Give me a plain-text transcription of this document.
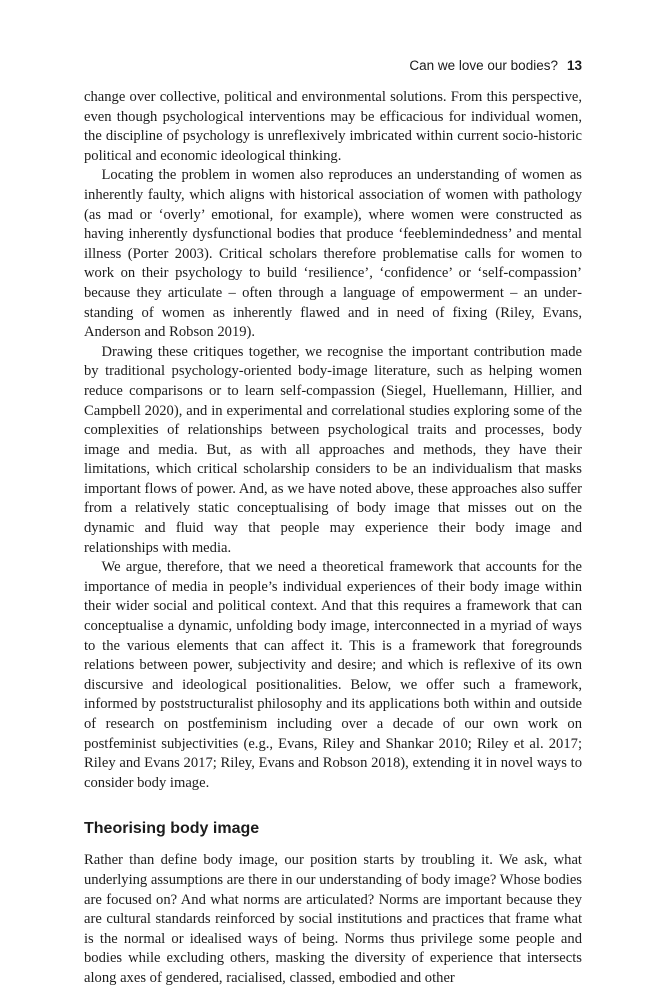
Can we love our bodies? 13

change over collective, political and environmental solutions. From this perspective, even though psychological interventions may be efficacious for individual women, the discipline of psychology is unreflexively imbricated within current socio-historic political and economic ideological thinking.

Locating the problem in women also reproduces an understanding of women as inherently faulty, which aligns with historical association of women with pathology (as mad or ‘overly’ emotional, for example), where women were constructed as having inherently dysfunctional bodies that produce ‘feeblemindedness’ and mental illness (Porter 2003). Critical scholars therefore problematise calls for women to work on their psychology to build ‘resilience’, ‘confidence’ or ‘self-compassion’ because they articulate – often through a language of empowerment – an understanding of women as inherently flawed and in need of fixing (Riley, Evans, Anderson and Robson 2019).

Drawing these critiques together, we recognise the important contribution made by traditional psychology-oriented body-image literature, such as helping women reduce comparisons or to learn self-compassion (Siegel, Huellemann, Hillier, and Campbell 2020), and in experimental and correlational studies exploring some of the complexities of relationships between psychological traits and processes, body image and media. But, as with all approaches and methods, they have their limitations, which critical scholarship considers to be an individualism that masks important flows of power. And, as we have noted above, these approaches also suffer from a relatively static conceptualising of body image that misses out on the dynamic and fluid way that people may experience their body image and relationships with media.

We argue, therefore, that we need a theoretical framework that accounts for the importance of media in people’s individual experiences of their body image within their wider social and political context. And that this requires a framework that can conceptualise a dynamic, unfolding body image, interconnected in a myriad of ways to the various elements that can affect it. This is a framework that foregrounds relations between power, subjectivity and desire; and which is reflexive of its own discursive and ideological positionalities. Below, we offer such a framework, informed by poststructuralist philosophy and its applications both within and outside of research on postfeminism including over a decade of our own work on postfeminist subjectivities (e.g., Evans, Riley and Shankar 2010; Riley et al. 2017; Riley and Evans 2017; Riley, Evans and Robson 2018), extending it in novel ways to consider body image.

Theorising body image

Rather than define body image, our position starts by troubling it. We ask, what underlying assumptions are there in our understanding of body image? Whose bodies are focused on? And what norms are articulated? Norms are important because they are cultural standards reinforced by social institutions and practices that frame what is the normal or idealised ways of being. Norms thus privilege some people and bodies while excluding others, masking the diversity of experience that intersects along axes of gendered, racialised, classed, embodied and other
